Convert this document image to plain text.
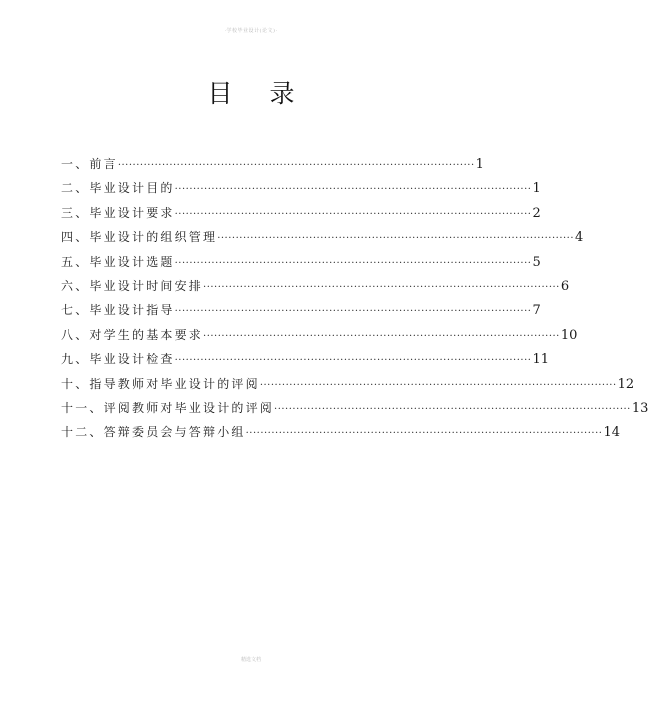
·学校毕业设计(论文)·
目录
一、前言 ································································································· 1
二、毕业设计目的 ································································································· 1
三、毕业设计要求 ································································································· 2
四、毕业设计的组织管理 ································································································· 4
五、毕业设计选题 ································································································· 5
六、毕业设计时间安排 ································································································· 6
七、毕业设计指导 ································································································· 7
八、对学生的基本要求 ································································································· 10
九、毕业设计检查 ································································································· 11
十、指导教师对毕业设计的评阅 ································································································· 12
十一、评阅教师对毕业设计的评阅 ································································································· 13
十二、答辩委员会与答辩小组 ································································································· 14
精选文档
